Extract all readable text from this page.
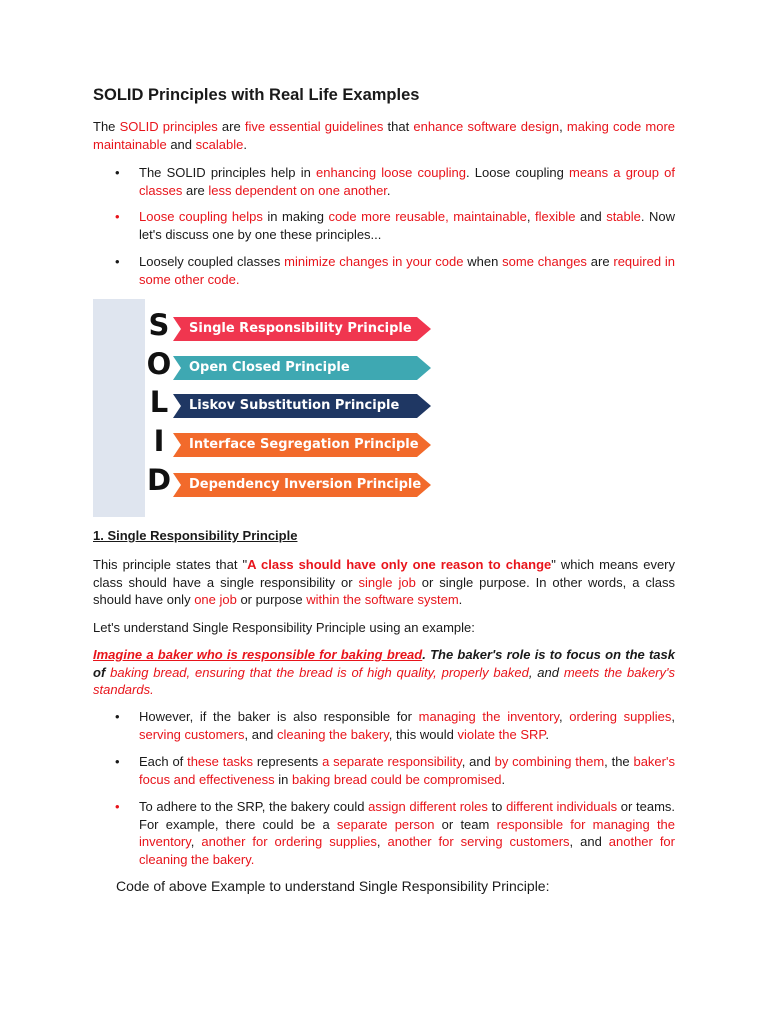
SOLID Principles with Real Life Examples

The SOLID principles are five essential guidelines that enhance software design, making code more maintainable and scalable.

• The SOLID principles help in enhancing loose coupling. Loose coupling means a group of classes are less dependent on one another.

• Loose coupling helps in making code more reusable, maintainable, flexible and stable. Now let's discuss one by one these principles...

• Loosely coupled classes minimize changes in your code when some changes are required in some other code.

S
O
L
I
D
Single Responsibility Principle
Open Closed Principle
Liskov Substitution Principle
Interface Segregation Principle
Dependency Inversion Principle
1. Single Responsibility Principle

This principle states that "A class should have only one reason to change" which means every class should have a single responsibility or single job or single purpose. In other words, a class should have only one job or purpose within the software system.

Let's understand Single Responsibility Principle using an example:

Imagine a baker who is responsible for baking bread. The baker's role is to focus on the task of baking bread, ensuring that the bread is of high quality, properly baked, and meets the bakery's standards.

• However, if the baker is also responsible for managing the inventory, ordering supplies, serving customers, and cleaning the bakery, this would violate the SRP.

• Each of these tasks represents a separate responsibility, and by combining them, the baker's focus and effectiveness in baking bread could be compromised.

• To adhere to the SRP, the bakery could assign different roles to different individuals or teams. For example, there could be a separate person or team responsible for managing the inventory, another for ordering supplies, another for serving customers, and another for cleaning the bakery.

Code of above Example to understand Single Responsibility Principle:
